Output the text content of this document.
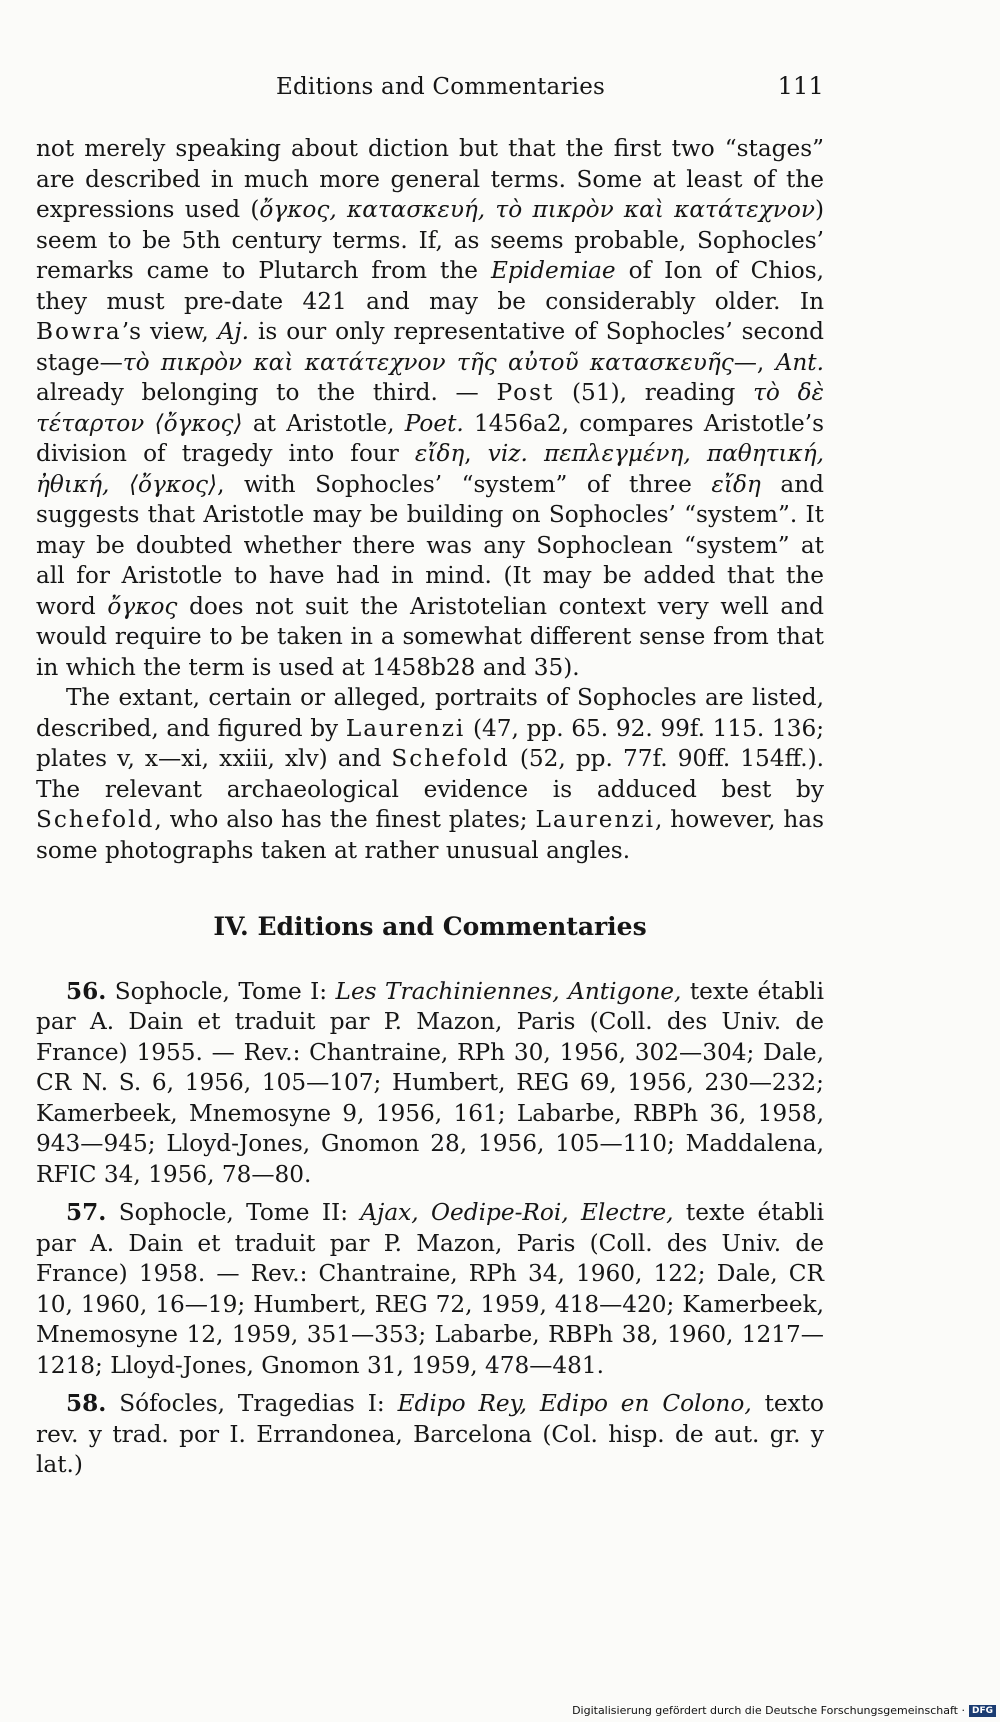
Editions and Commentaries	111

not merely speaking about diction but that the first two “stages” are described in much more general terms. Some at least of the expressions used (ὄγκος, κατασκευή, τὸ πικρὸν καὶ κατάτεχνον) seem to be 5th century terms. If, as seems probable, Sophocles’ remarks came to Plutarch from the Epidemiae of Ion of Chios, they must pre-date 421 and may be considerably older. In Bowra’s view, Aj. is our only representative of Sophocles’ second stage—τὸ πικρὸν καὶ κατάτεχνον τῆς αὐτοῦ κατασκευῆς—, Ant. already belonging to the third. — Post (51), reading τὸ δὲ τέταρτον ⟨ὄγκος⟩ at Aristotle, Poet. 1456a2, compares Aristotle’s division of tragedy into four εἴδη, viz. πεπλεγμένη, παθητική, ἠθική, ⟨ὄγκος⟩, with Sophocles’ “system” of three εἴδη and suggests that Aristotle may be building on Sophocles’ “system”. It may be doubted whether there was any Sophoclean “system” at all for Aristotle to have had in mind. (It may be added that the word ὄγκος does not suit the Aristotelian context very well and would require to be taken in a somewhat different sense from that in which the term is used at 1458b28 and 35).

The extant, certain or alleged, portraits of Sophocles are listed, described, and figured by Laurenzi (47, pp. 65. 92. 99f. 115. 136; plates v, x—xi, xxiii, xlv) and Schefold (52, pp. 77f. 90ff. 154ff.). The relevant archaeological evidence is adduced best by Schefold, who also has the finest plates; Laurenzi, however, has some photographs taken at rather unusual angles.

IV. Editions and Commentaries

56. Sophocle, Tome I: Les Trachiniennes, Antigone, texte établi par A. Dain et traduit par P. Mazon, Paris (Coll. des Univ. de France) 1955. — Rev.: Chantraine, RPh 30, 1956, 302—304; Dale, CR N. S. 6, 1956, 105—107; Humbert, REG 69, 1956, 230—232; Kamerbeek, Mnemosyne 9, 1956, 161; Labarbe, RBPh 36, 1958, 943—945; Lloyd-Jones, Gnomon 28, 1956, 105—110; Maddalena, RFIC 34, 1956, 78—80.

57. Sophocle, Tome II: Ajax, Oedipe-Roi, Electre, texte établi par A. Dain et traduit par P. Mazon, Paris (Coll. des Univ. de France) 1958. — Rev.: Chantraine, RPh 34, 1960, 122; Dale, CR 10, 1960, 16—19; Humbert, REG 72, 1959, 418—420; Kamerbeek, Mnemosyne 12, 1959, 351—353; Labarbe, RBPh 38, 1960, 1217—1218; Lloyd-Jones, Gnomon 31, 1959, 478—481.

58. Sófocles, Tragedias I: Edipo Rey, Edipo en Colono, texto rev. y trad. por I. Errandonea, Barcelona (Col. hisp. de aut. gr. y lat.)

Digitalisierung gefördert durch die Deutsche Forschungsgemeinschaft · DFG
